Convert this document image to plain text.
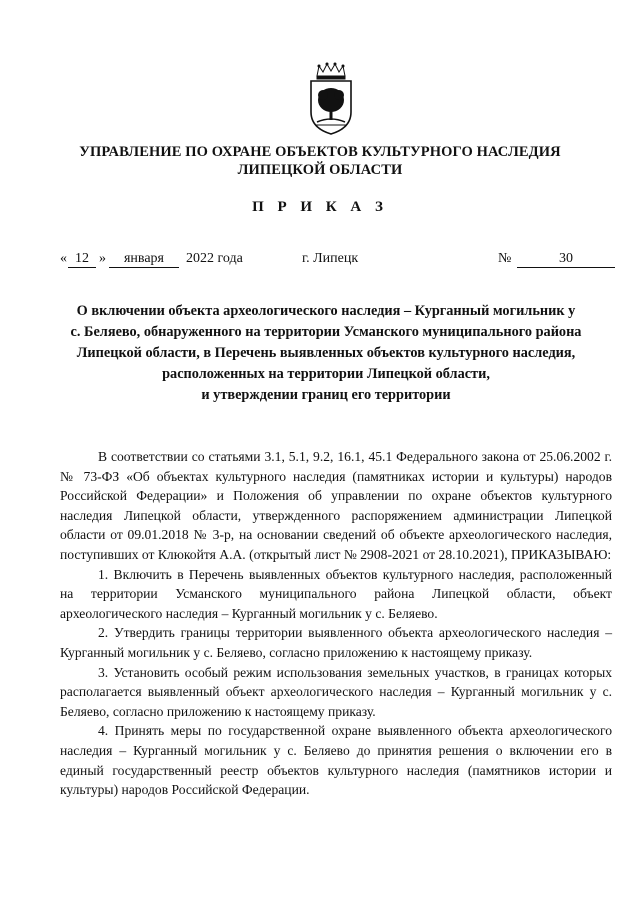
УПРАВЛЕНИЕ ПО ОХРАНЕ ОБЪЕКТОВ КУЛЬТУРНОГО НАСЛЕДИЯ
ЛИПЕЦКОЙ ОБЛАСТИ
П Р И К А З
« 12 »	января	2022 года	г. Липецк	№	30
О включении объекта археологического наследия – Курганный могильник у
с. Беляево, обнаруженного на территории Усманского муниципального района
Липецкой области, в Перечень выявленных объектов культурного наследия,
расположенных на территории Липецкой области,
и утверждении границ его территории

В соответствии со статьями 3.1, 5.1, 9.2, 16.1, 45.1 Федерального закона от 25.06.2002 г. № 73-ФЗ «Об объектах культурного наследия (памятниках истории и культуры) народов Российской Федерации» и Положения об управлении по охране объектов культурного наследия Липецкой области, утвержденного распоряжением администрации Липецкой области от 09.01.2018 № 3-р, на основании сведений об объекте археологического наследия, поступивших от Клюкойтя А.А. (открытый лист № 2908-2021 от 28.10.2021), ПРИКАЗЫВАЮ:

1. Включить в Перечень выявленных объектов культурного наследия, расположенный на территории Усманского муниципального района Липецкой области, объект археологического наследия – Курганный могильник у с. Беляево.

2. Утвердить границы территории выявленного объекта археологического наследия – Курганный могильник у с. Беляево, согласно приложению к настоящему приказу.

3. Установить особый режим использования земельных участков, в границах которых располагается выявленный объект археологического наследия – Курганный могильник у с. Беляево, согласно приложению к настоящему приказу.

4. Принять меры по государственной охране выявленного объекта археологического наследия – Курганный могильник у с. Беляево до принятия решения о включении его в единый государственный реестр объектов культурного наследия (памятников истории и культуры) народов Российской Федерации.
